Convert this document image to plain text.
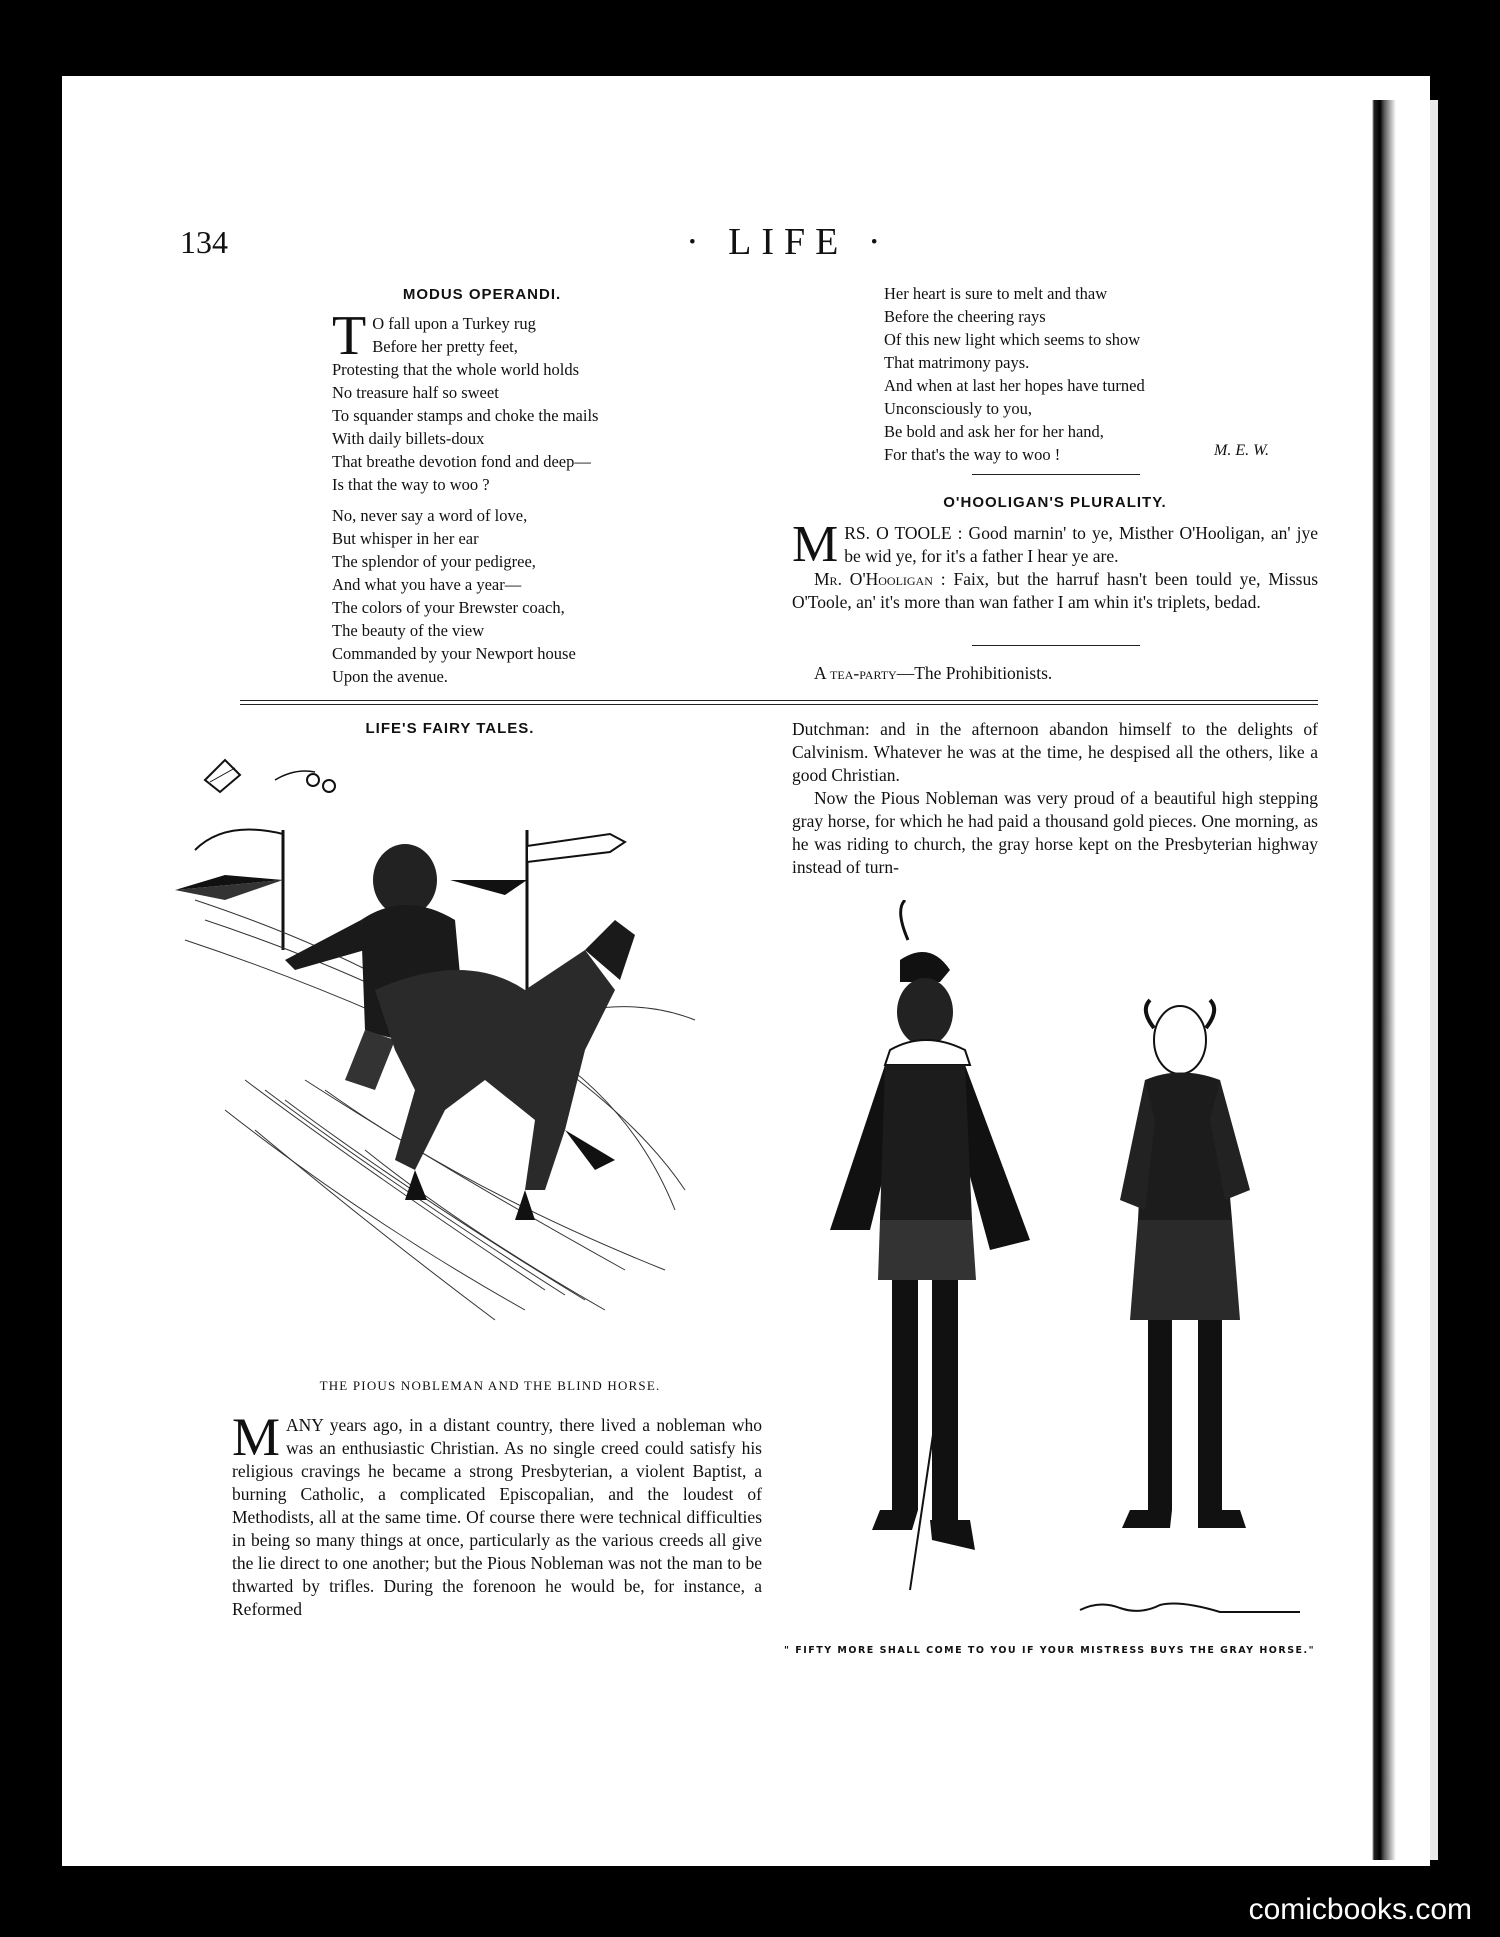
134	· LIFE ·
MODUS OPERANDI.
T O fall upon a Turkey rug
Before her pretty feet,
Protesting that the whole world holds
No treasure half so sweet
To squander stamps and choke the mails
With daily billets-doux
That breathe devotion fond and deep—
Is that the way to woo ?
No, never say a word of love,
But whisper in her ear
The splendor of your pedigree,
And what you have a year—
The colors of your Brewster coach,
The beauty of the view
Commanded by your Newport house
Upon the avenue.
Her heart is sure to melt and thaw
Before the cheering rays
Of this new light which seems to show
That matrimony pays.
And when at last her hopes have turned
Unconsciously to you,
Be bold and ask her for her hand,
For that's the way to woo !	M. E. W.
O'HOOLIGAN'S PLURALITY.

MRS. O TOOLE : Good marnin' to ye, Misther O'Hooligan, an' jye be wid ye, for it's a father I hear ye are.

Mr. O'Hooligan : Faix, but the harruf hasn't been tould ye, Missus O'Toole, an' it's more than wan father I am whin it's triplets, bedad.

A tea-party—The Prohibitionists.
LIFE'S FAIRY TALES.
THE PIOUS NOBLEMAN AND THE BLIND HORSE.

MANY years ago, in a distant country, there lived a nobleman who was an enthusiastic Christian. As no single creed could satisfy his religious cravings he became a strong Presbyterian, a violent Baptist, a burning Catholic, a complicated Episcopalian, and the loudest of Methodists, all at the same time. Of course there were technical difficulties in being so many things at once, particularly as the various creeds all give the lie direct to one another; but the Pious Nobleman was not the man to be thwarted by trifles. During the forenoon he would be, for instance, a Reformed

Dutchman: and in the afternoon abandon himself to the delights of Calvinism. Whatever he was at the time, he despised all the others, like a good Christian.

Now the Pious Nobleman was very proud of a beautiful high stepping gray horse, for which he had paid a thousand gold pieces. One morning, as he was riding to church, the gray horse kept on the Presbyterian highway instead of turn-

" FIFTY MORE SHALL COME TO YOU IF YOUR MISTRESS BUYS THE GRAY HORSE."
comicbooks.com
